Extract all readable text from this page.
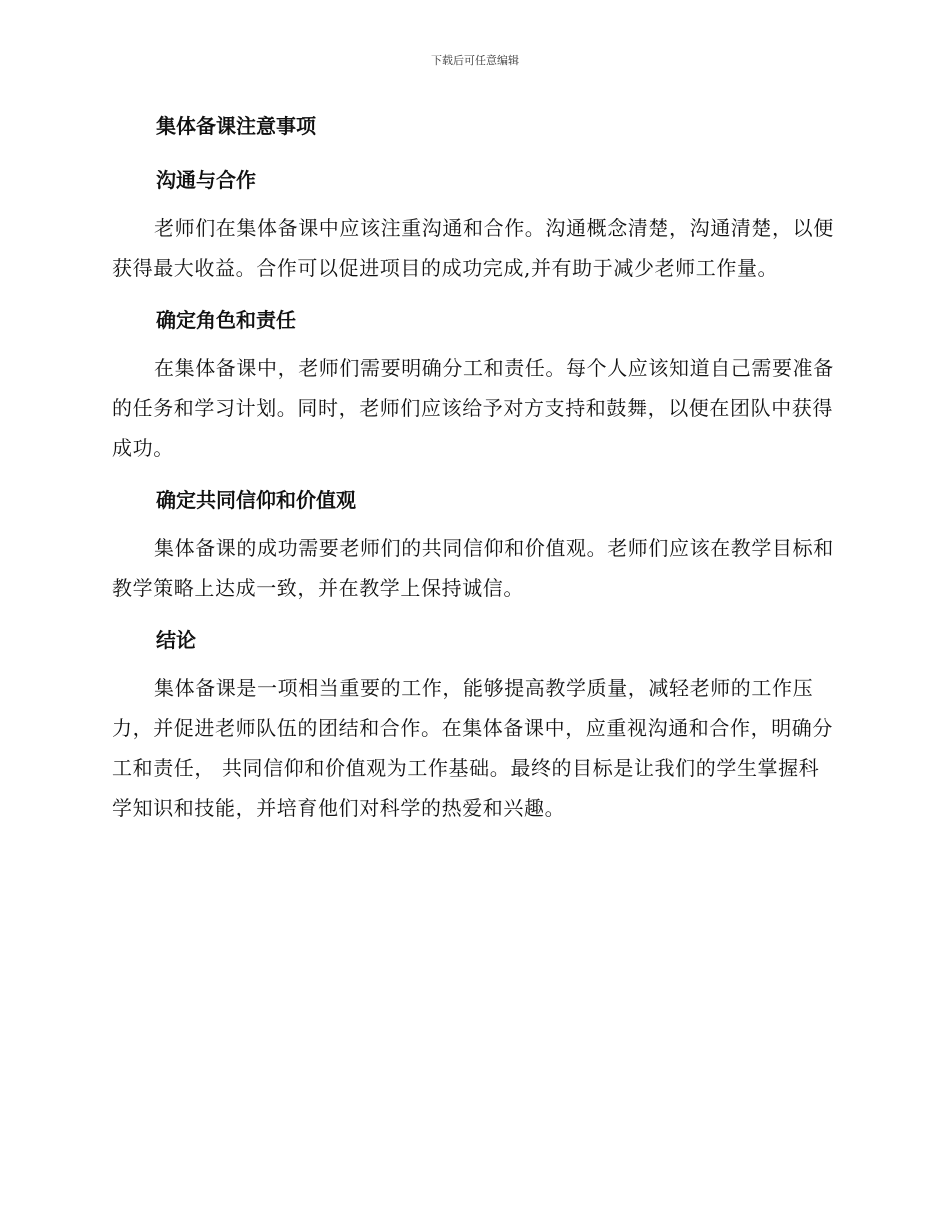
下载后可任意编辑
集体备课注意事项
沟通与合作

老师们在集体备课中应该注重沟通和合作。沟通概念清楚，沟通清楚，以便获得最大收益。合作可以促进项目的成功完成,并有助于减少老师工作量。

确定角色和责任

在集体备课中，老师们需要明确分工和责任。每个人应该知道自己需要准备的任务和学习计划。同时，老师们应该给予对方支持和鼓舞，以便在团队中获得成功。

确定共同信仰和价值观

集体备课的成功需要老师们的共同信仰和价值观。老师们应该在教学目标和教学策略上达成一致，并在教学上保持诚信。

结论

集体备课是一项相当重要的工作，能够提高教学质量，减轻老师的工作压力，并促进老师队伍的团结和合作。在集体备课中，应重视沟通和合作，明确分工和责任， 共同信仰和价值观为工作基础。最终的目标是让我们的学生掌握科学知识和技能，并培育他们对科学的热爱和兴趣。
